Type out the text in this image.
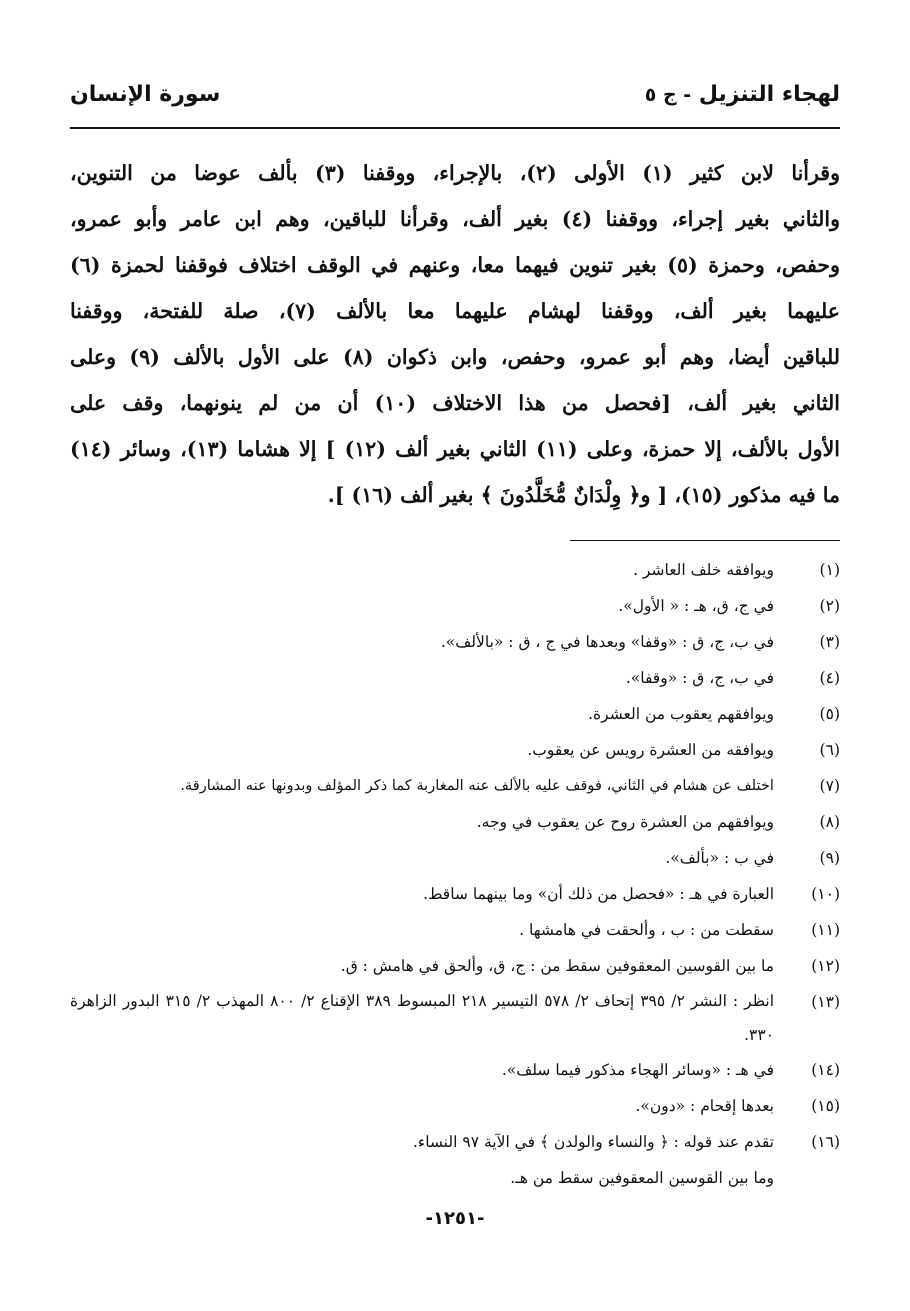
لهجاء التنزيل - ج ٥
سورة الإنسان
وقرأنا لابن كثير (١) الأولى (٢)، بالإجراء، ووقفنا (٣) بألف عوضا من التنوين،
والثاني بغير إجراء، ووقفنا (٤) بغير ألف، وقرأنا للباقين، وهم ابن عامر وأبو عمرو،
وحفص، وحمزة (٥) بغير تنوين فيهما معا، وعنهم في الوقف اختلاف فوقفنا لحمزة (٦)
عليهما بغير ألف، ووقفنا لهشام عليهما معا بالألف (٧)، صلة للفتحة، ووقفنا
للباقين أيضا، وهم أبو عمرو، وحفص، وابن ذكوان (٨) على الأول بالألف (٩) وعلى
الثاني بغير ألف، [فحصل من هذا الاختلاف (١٠) أن من لم ينونهما، وقف على
الأول بالألف، إلا حمزة، وعلى (١١) الثاني بغير ألف (١٢) ] إلا هشاما (١٣)، وسائر (١٤)
ما فيه مذكور (١٥)، [ و﴿ وِلْدَانٌ مُّخَلَّدُونَ ﴾ بغير ألف (١٦) ].
(١)
ويوافقه خلف العاشر .
(٢)
في ج، ق، هـ : « الأول».
(٣)
في ب، ج، ق : «وقفا» وبعدها في ج ، ق : «بالألف».
(٤)
في ب، ج، ق : «وقفا».
(٥)
ويوافقهم يعقوب من العشرة.
(٦)
ويوافقه من العشرة رويس عن يعقوب.
(٧)
اختلف عن هشام في الثاني، فوقف عليه بالألف عنه المغاربة كما ذكر المؤلف وبدونها عنه المشارقة.
(٨)
ويوافقهم من العشرة روح عن يعقوب في وجه.
(٩)
في ب : «بألف».
(١٠)
العبارة في هـ : «فحصل من ذلك أن» وما بينهما ساقط.
(١١)
سقطت من : ب ، وألحقت في هامشها .
(١٢)
ما بين القوسين المعقوفين سقط من : ج، ق، وألحق في هامش : ق.
(١٣)
انظر : النشر ٢/ ٣٩٥ إتحاف ٢/ ٥٧٨ التيسير ٢١٨ المبسوط ٣٨٩ الإقناع ٢/ ٨٠٠ المهذب ٢/ ٣١٥ البدور الزاهرة ٣٣٠.
(١٤)
في هـ : «وسائر الهجاء مذكور فيما سلف».
(١٥)
بعدها إقحام : «دون».
(١٦)
تقدم عند قوله : ﴿ والنساء والولدن ﴾ في الآية ٩٧ النساء.
وما بين القوسين المعقوفين سقط من هـ.
-١٢٥١-
